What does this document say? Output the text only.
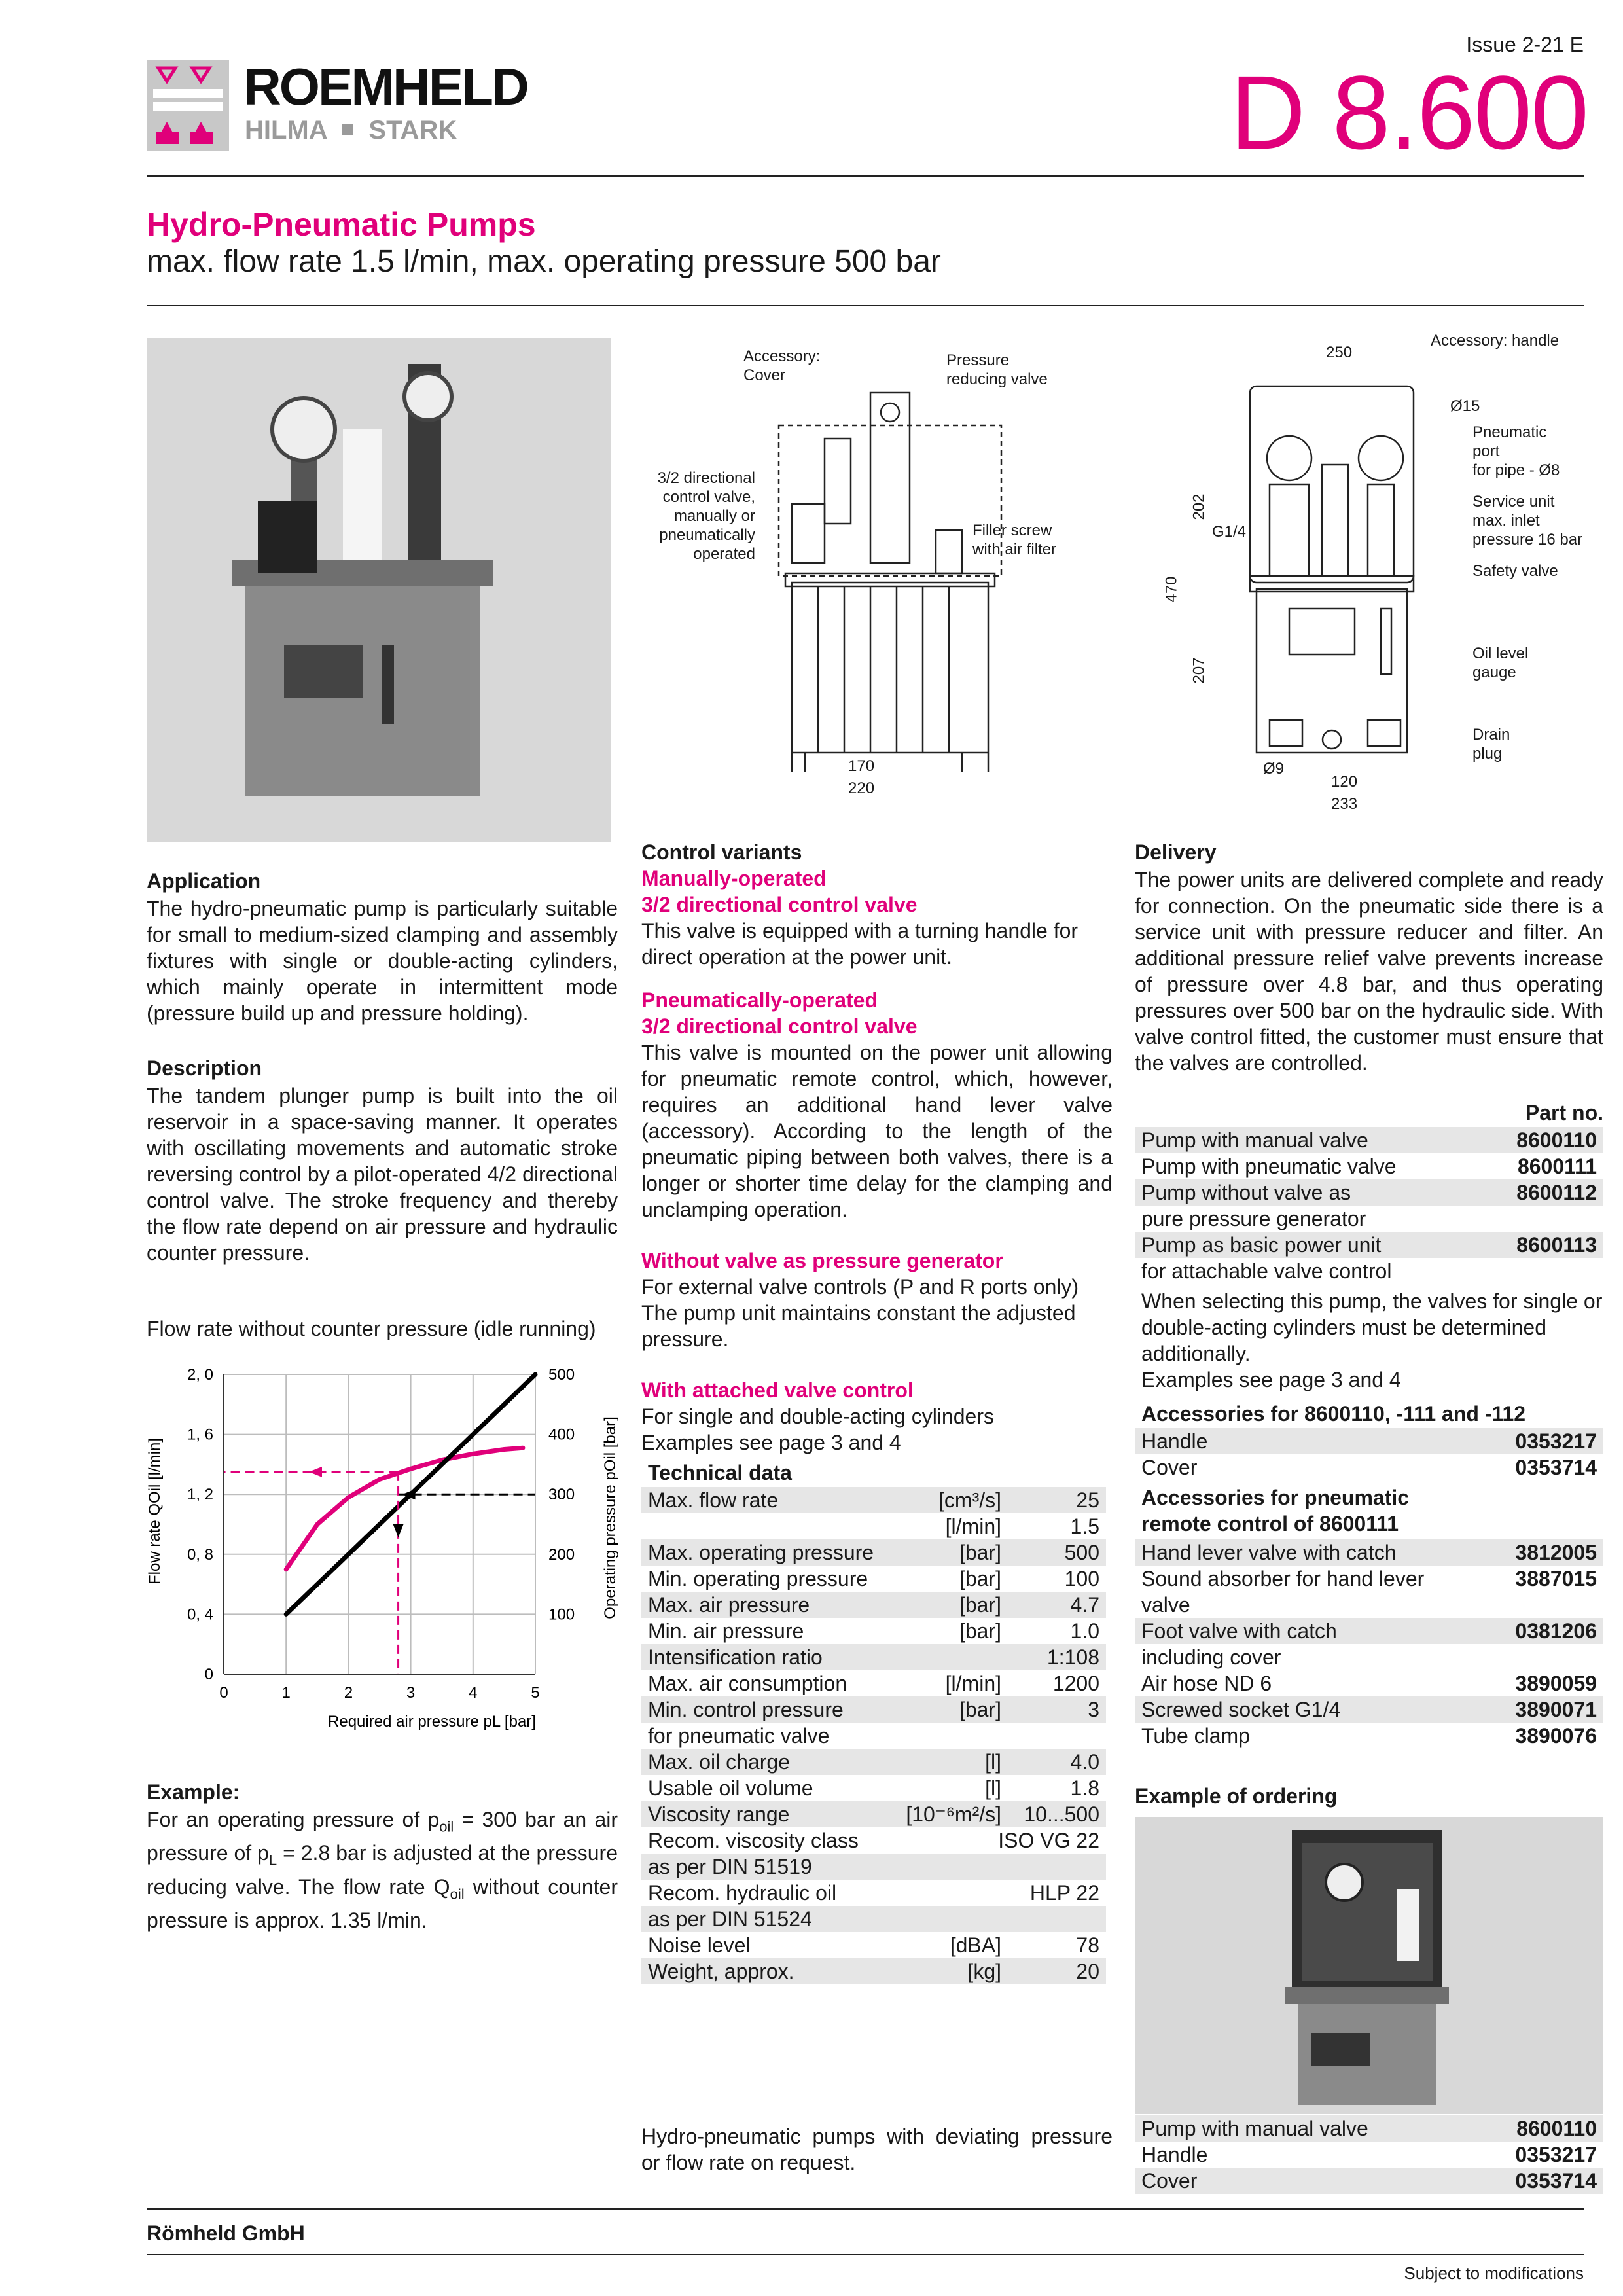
ROEMHELD
HILMA STARK
Issue 2-21 E
D 8.600
Hydro-Pneumatic Pumps
max. flow rate 1.5 l/min, max. operating pressure 500 bar
Accessory:
Cover
Pressure
reducing valve
3/2 directional
control valve,
manually or
pneumatically
operated
Filler screw
with air filter
170
220
Accessory: handle
250
Ø15
Pneumatic
port
for pipe - Ø8
Service unit
max. inlet
pressure 16 bar
Safety valve
G1/4
202
470
207
Oil level
gauge
Drain
plug
Ø9
120
233
Application
The hydro-pneumatic pump is particularly suitable for small to medium-sized clamping and assembly fixtures with single or double-acting cylinders, which mainly operate in intermittent mode (pressure build up and pressure holding).
Description
The tandem plunger pump is built into the oil reservoir in a space-saving manner. It operates with oscillating movements and automatic stroke reversing control by a pilot-operated 4/2 directional control valve. The stroke frequency and thereby the flow rate depend on air pressure and hydraulic counter pressure.
Flow rate without counter pressure (idle running)
0	1	2	3	4	5
0
0, 4
0, 8
1, 2
1, 6
2, 0
100
200
300
400
500
Required air pressure pL [bar]
Flow rate QOil [l/min]	Operating pressure pOil [bar]
Example:
For an operating pressure of $p_{oil} = 300$ bar an air pressure of $p_L = 2.8$ bar is adjusted at the pressure reducing valve. The flow rate $Q_{oil}$ without counter pressure is approx. 1.35 l/min.
Control variants
Manually-operated
3/2 directional control valve
This valve is equipped with a turning handle for direct operation at the power unit.
Pneumatically-operated
3/2 directional control valve
This valve is mounted on the power unit allowing for pneumatic remote control, which, however, requires an additional hand lever valve (accessory). According to the length of the pneumatic piping between both valves, there is a longer or shorter time delay for the clamping and unclamping operation.
Without valve as pressure generator
For external valve controls (P and R ports only) The pump unit maintains constant the adjusted pressure.
With attached valve control
For single and double-acting cylinders
Examples see page 3 and 4
Technical data
Max. flow rate	[cm³/s]	25
[l/min]	1.5
Max. operating pressure	[bar]	500
Min. operating pressure	[bar]	100
Max. air pressure	[bar]	4.7
Min. air pressure	[bar]	1.0
Intensification ratio	1:108
Max. air consumption	[l/min] 1200
Min. control pressure	[bar]	3
for pneumatic valve
Max. oil charge	[l]	4.0
Usable oil volume	[l]	1.8
Viscosity range	[10⁻⁶m²/s] 10...500
Recom. viscosity class	ISO VG 22
as per DIN 51519
Recom. hydraulic oil	HLP 22
as per DIN 51524
Noise level	[dBA]	78
Weight, approx.	[kg]	20
Hydro-pneumatic pumps with deviating pressure or flow rate on request.
Delivery
The power units are delivered complete and ready for connection. On the pneumatic side there is a service unit with pressure reducer and filter. An additional pressure relief valve prevents increase of pressure over 4.8 bar, and thus operating pressures over 500 bar on the hydraulic side. With valve control fitted, the customer must ensure that the valves are controlled.
Part no.
Pump with manual valve	8600110
Pump with pneumatic valve	8600111
Pump without valve as	8600112
pure pressure generator
Pump as basic power unit	8600113
for attachable valve control
When selecting this pump, the valves for single or double-acting cylinders must be determined additionally.
Examples see page 3 and 4
Accessories for 8600110, -111 and -112
Handle	0353217
Cover	0353714
Accessories for pneumatic remote control of 8600111
Hand lever valve with catch	3812005
Sound absorber for hand lever	3887015
valve
Foot valve with catch	0381206
including cover
Air hose ND 6	3890059
Screwed socket G1/4	3890071
Tube clamp	3890076
Example of ordering
Pump with manual valve	8600110
Handle	0353217
Cover	0353714
Römheld GmbH
Subject to modifications
